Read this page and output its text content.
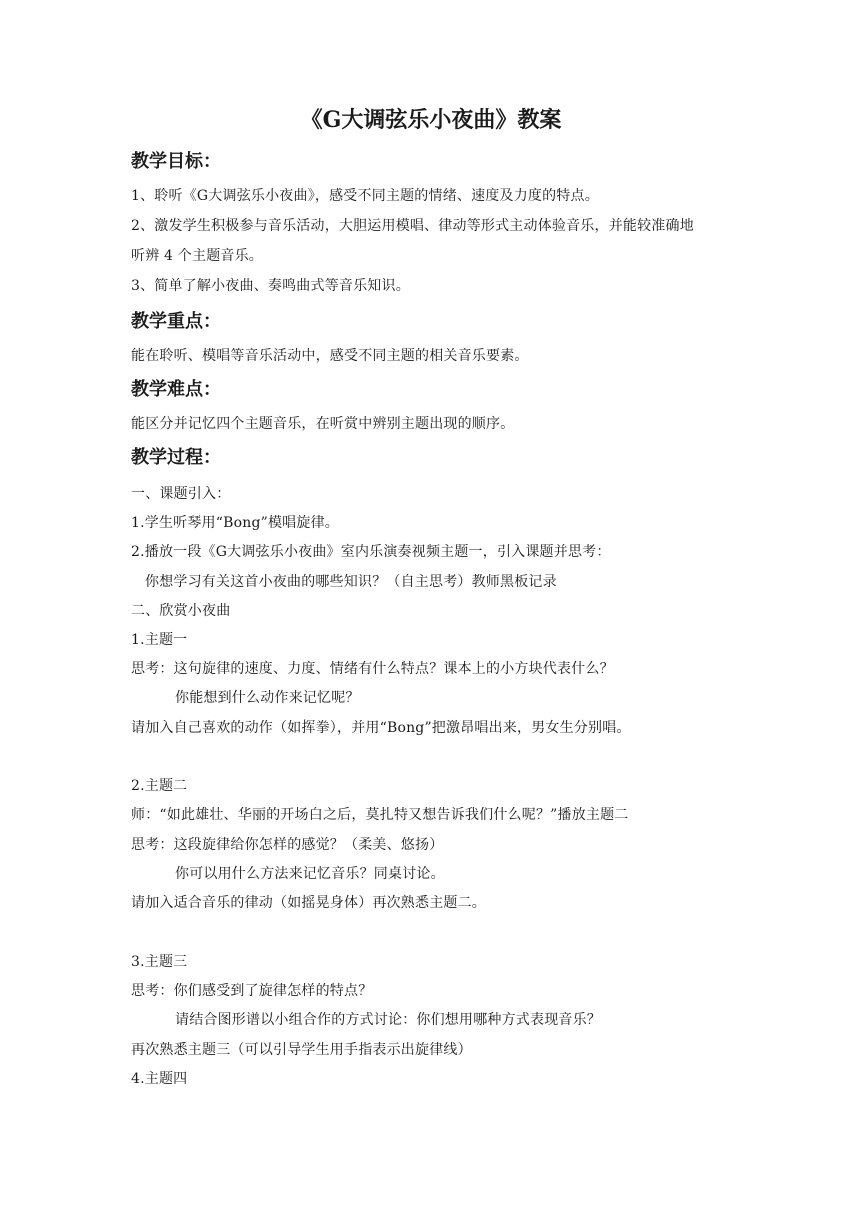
《G大调弦乐小夜曲》教案
教学目标：
1、聆听《G大调弦乐小夜曲》，感受不同主题的情绪、速度及力度的特点。
2、激发学生积极参与音乐活动，大胆运用模唱、律动等形式主动体验音乐，并能较准确地
听辨 4 个主题音乐。
3、简单了解小夜曲、奏鸣曲式等音乐知识。
教学重点：
能在聆听、模唱等音乐活动中，感受不同主题的相关音乐要素。
教学难点：
能区分并记忆四个主题音乐，在听赏中辨别主题出现的顺序。
教学过程：
一、课题引入：
1.学生听琴用“Bong”模唱旋律。
2.播放一段《G大调弦乐小夜曲》室内乐演奏视频主题一，引入课题并思考：
你想学习有关这首小夜曲的哪些知识？（自主思考）教师黑板记录
二、欣赏小夜曲
1.主题一
思考：这句旋律的速度、力度、情绪有什么特点？课本上的小方块代表什么？
你能想到什么动作来记忆呢？
请加入自己喜欢的动作（如挥拳），并用“Bong”把激昂唱出来，男女生分别唱。
2.主题二
师：“如此雄壮、华丽的开场白之后，莫扎特又想告诉我们什么呢？”播放主题二
思考：这段旋律给你怎样的感觉？（柔美、悠扬）
你可以用什么方法来记忆音乐？同桌讨论。
请加入适合音乐的律动（如摇晃身体）再次熟悉主题二。
3.主题三
思考：你们感受到了旋律怎样的特点？
请结合图形谱以小组合作的方式讨论：你们想用哪种方式表现音乐？
再次熟悉主题三（可以引导学生用手指表示出旋律线）
4.主题四
